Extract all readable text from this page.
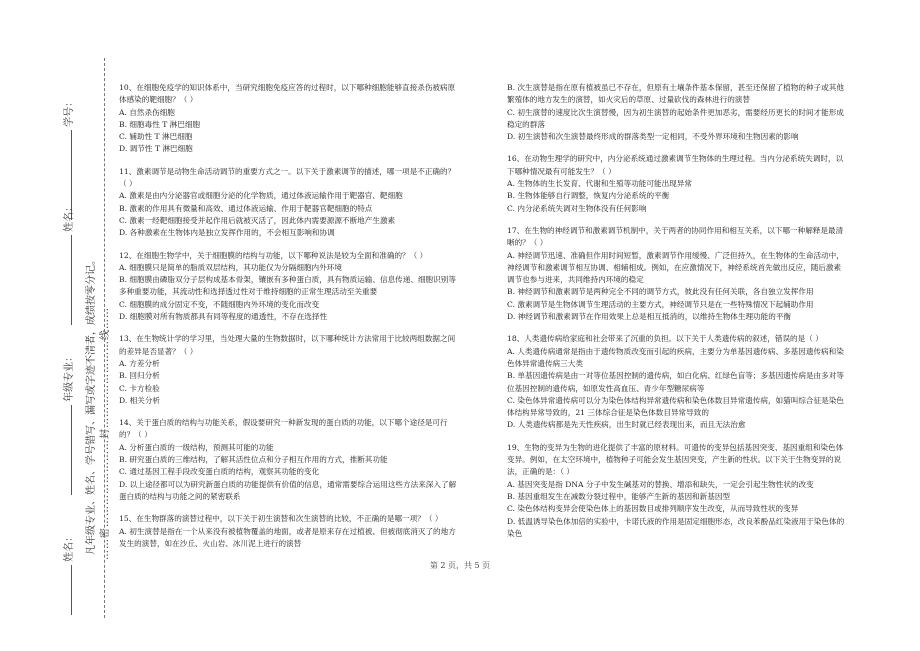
学号：
姓名：
年级专业：
姓名：	凡年级专业、姓名、学号错写、漏写或字迹不清者，成绩按零分记。 ……密……………………封……………………线……

10、在细胞免疫学的知识体系中，当研究细胞免疫应答的过程时，以下哪种细胞能够直接杀伤被病原体感染的靶细胞？（ ）

A. 自然杀伤细胞

B. 细胞毒性 T 淋巴细胞

C. 辅助性 T 淋巴细胞

D. 调节性 T 淋巴细胞

11、激素调节是动物生命活动调节的重要方式之一。以下关于激素调节的描述，哪一项是不正确的？（ ）

A. 激素是由内分泌器官或细胞分泌的化学物质，通过体液运输作用于靶器官、靶细胞

B. 激素的作用具有微量和高效、通过体液运输、作用于靶器官靶细胞的特点

C. 激素一经靶细胞接受并起作用后就被灭活了，因此体内需要源源不断地产生激素

D. 各种激素在生物体内是独立发挥作用的，不会相互影响和协调

12、在细胞生物学中，关于细胞膜的结构与功能，以下哪种说法是较为全面和准确的？（ ）

A. 细胞膜只是简单的脂质双层结构，其功能仅为分隔细胞内外环境

B. 细胞膜由磷脂双分子层构成基本骨架，镶嵌有多种蛋白质，具有物质运输、信息传递、细胞识别等多种重要功能，其流动性和选择透过性对于维持细胞的正常生理活动至关重要

C. 细胞膜的成分固定不变，不随细胞内外环境的变化而改变

D. 细胞膜对所有物质都具有同等程度的通透性，不存在选择性

13、在生物统计学的学习里，当处理大量的生物数据时，以下哪种统计方法常用于比较两组数据之间的差异是否显著？（ ）

A. 方差分析

B. 回归分析

C. 卡方检验

D. 相关分析

14、关于蛋白质的结构与功能关系，假设要研究一种新发现的蛋白质的功能，以下哪个途径是可行的？（ ）

A. 分析蛋白质的一级结构，预测其可能的功能

B. 研究蛋白质的三维结构，了解其活性位点和分子相互作用的方式，推断其功能

C. 通过基因工程手段改变蛋白质的结构，观察其功能的变化

D. 以上途径都可以为研究新蛋白质的功能提供有价值的信息，通常需要综合运用这些方法来深入了解蛋白质的结构与功能之间的紧密联系

15、在生物群落的演替过程中，以下关于初生演替和次生演替的比较，不正确的是哪一项？（ ）

A. 初生演替是指在一个从来没有被植物覆盖的地面，或者是原来存在过植被、但被彻底消灭了的地方发生的演替，如在沙丘、火山岩、冰川泥上进行的演替

B. 次生演替是指在原有植被虽已不存在，但原有土壤条件基本保留，甚至还保留了植物的种子或其他繁殖体的地方发生的演替，如火灾后的草原、过量砍伐的森林进行的演替

C. 初生演替的速度比次生演替慢，因为初生演替的起始条件更加恶劣，需要经历更长的时间才能形成稳定的群落

D. 初生演替和次生演替最终形成的群落类型一定相同，不受外界环境和生物因素的影响

16、在动物生理学的研究中，内分泌系统通过激素调节生物体的生理过程。当内分泌系统失调时，以下哪种情况最有可能发生？（ ）

A. 生物体的生长发育、代谢和生殖等功能可能出现异常

B. 生物体能够自行调整，恢复内分泌系统的平衡

C. 内分泌系统失调对生物体没有任何影响

17、在生物的神经调节和激素调节机制中，关于两者的协同作用和相互关系，以下哪一种解释是最清晰的？（ ）

A. 神经调节迅速、准确但作用时间短暂，激素调节作用缓慢、广泛但持久，在生物体的生命活动中，神经调节和激素调节相互协调、相辅相成。例如，在应激情况下，神经系统首先做出反应，随后激素调节也参与进来，共同维持内环境的稳定

B. 神经调节和激素调节是两种完全不同的调节方式，彼此没有任何关联，各自独立发挥作用

C. 激素调节是生物体调节生理活动的主要方式，神经调节只是在一些特殊情况下起辅助作用

D. 神经调节和激素调节在作用效果上总是相互抵消的，以维持生物体生理功能的平衡

18、人类遗传病给家庭和社会带来了沉重的负担。以下关于人类遗传病的叙述，错误的是（ ）

A. 人类遗传病通常是指由于遗传物质改变而引起的疾病，主要分为单基因遗传病、多基因遗传病和染色体异常遗传病三大类

B. 单基因遗传病是由一对等位基因控制的遗传病，如白化病、红绿色盲等；多基因遗传病是由多对等位基因控制的遗传病，如原发性高血压、青少年型糖尿病等

C. 染色体异常遗传病可以分为染色体结构异常遗传病和染色体数目异常遗传病，如猫叫综合征是染色体结构异常导致的，21 三体综合征是染色体数目异常导致的

D. 人类遗传病都是先天性疾病，出生时就已经表现出来，而且无法治愈

19、生物的变异为生物的进化提供了丰富的原材料。可遗传的变异包括基因突变、基因重组和染色体变异。例如，在太空环境中，植物种子可能会发生基因突变，产生新的性状。以下关于生物变异的说法，正确的是：（ ）

A. 基因突变是指 DNA 分子中发生碱基对的替换、增添和缺失，一定会引起生物性状的改变

B. 基因重组发生在减数分裂过程中，能够产生新的基因和新基因型

C. 染色体结构变异会使染色体上的基因数目或排列顺序发生改变，从而导致性状的变异

D. 低温诱导染色体加倍的实验中，卡诺氏液的作用是固定细胞形态，改良苯酚品红染液用于染色体的染色

第 2 页，共 5 页
